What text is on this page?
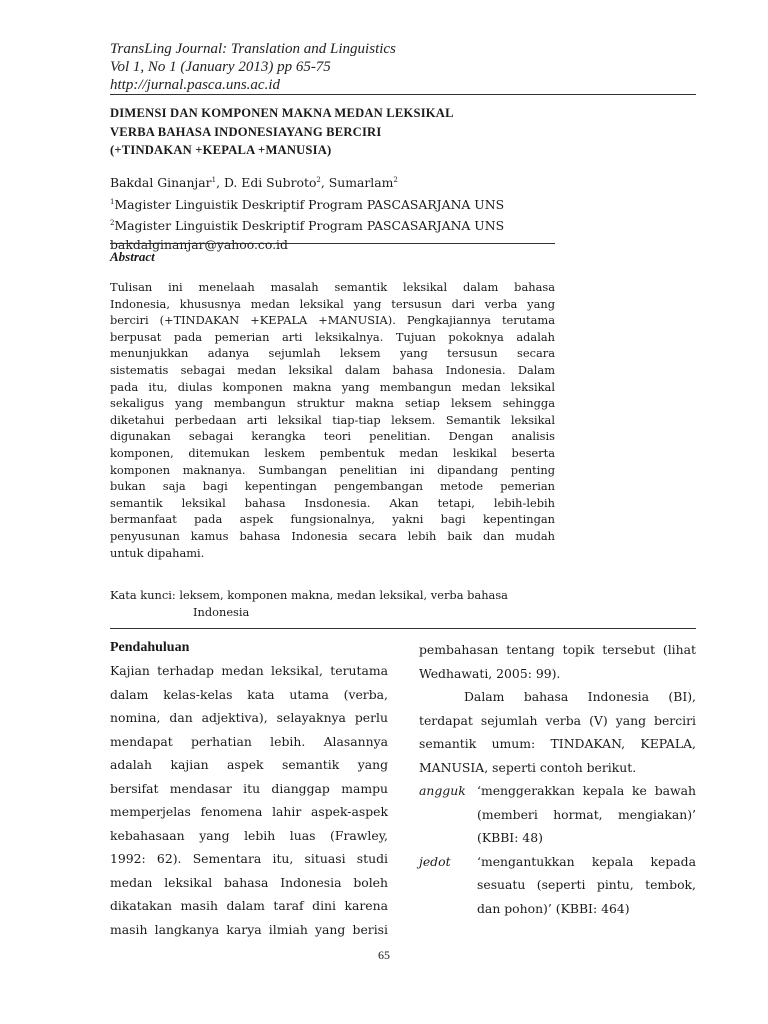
TransLing Journal: Translation and Linguistics
Vol 1, No 1 (January 2013) pp 65-75
http://jurnal.pasca.uns.ac.id
DIMENSI DAN KOMPONEN MAKNA MEDAN LEKSIKAL
VERBA BAHASA INDONESIAYANG BERCIRI
(+TINDAKAN +KEPALA +MANUSIA)
Bakdal Ginanjar$^1$, D. Edi Subroto$^2$, Sumarlam$^2$
$^1$Magister Linguistik Deskriptif Program PASCASARJANA UNS
$^2$Magister Linguistik Deskriptif Program PASCASARJANA UNS
bakdalginanjar@yahoo.co.id
Abstract
Tulisan ini menelaah masalah semantik leksikal dalam bahasa
Indonesia, khususnya medan leksikal yang tersusun dari verba yang
berciri (+TINDAKAN +KEPALA +MANUSIA). Pengkajiannya terutama
berpusat pada pemerian arti leksikalnya. Tujuan pokoknya adalah
menunjukkan adanya sejumlah leksem yang tersusun secara
sistematis sebagai medan leksikal dalam bahasa Indonesia. Dalam
pada itu, diulas komponen makna yang membangun medan leksikal
sekaligus yang membangun struktur makna setiap leksem sehingga
diketahui perbedaan arti leksikal tiap-tiap leksem. Semantik leksikal
digunakan sebagai kerangka teori penelitian. Dengan analisis
komponen, ditemukan leskem pembentuk medan leskikal beserta
komponen maknanya. Sumbangan penelitian ini dipandang penting
bukan saja bagi kepentingan pengembangan metode pemerian
semantik leksikal bahasa Insdonesia. Akan tetapi, lebih-lebih
bermanfaat pada aspek fungsionalnya, yakni bagi kepentingan
penyusunan kamus bahasa Indonesia secara lebih baik dan mudah
untuk dipahami.
Kata kunci: leksem, komponen makna, medan leksikal, verba bahasa
Indonesia
Pendahuluan
Kajian terhadap medan leksikal, terutama
dalam kelas-kelas kata utama (verba,
nomina, dan adjektiva), selayaknya perlu
mendapat perhatian lebih. Alasannya
adalah kajian aspek semantik yang
bersifat mendasar itu dianggap mampu
memperjelas fenomena lahir aspek-aspek
kebahasaan yang lebih luas (Frawley,
1992: 62). Sementara itu, situasi studi
medan leksikal bahasa Indonesia boleh
dikatakan masih dalam taraf dini karena
masih langkanya karya ilmiah yang berisi
pembahasan tentang topik tersebut (lihat
Wedhawati, 2005: 99).
Dalam bahasa Indonesia (BI),
terdapat sejumlah verba (V) yang berciri
semantik umum: TINDAKAN, KEPALA,
MANUSIA, seperti contoh berikut.
angguk ‘menggerakkan kepala ke bawah
(memberi hormat, mengiakan)’
(KBBI: 48)
jedot ‘mengantukkan kepala kepada
sesuatu (seperti pintu, tembok,
dan pohon)’ (KBBI: 464)
65
